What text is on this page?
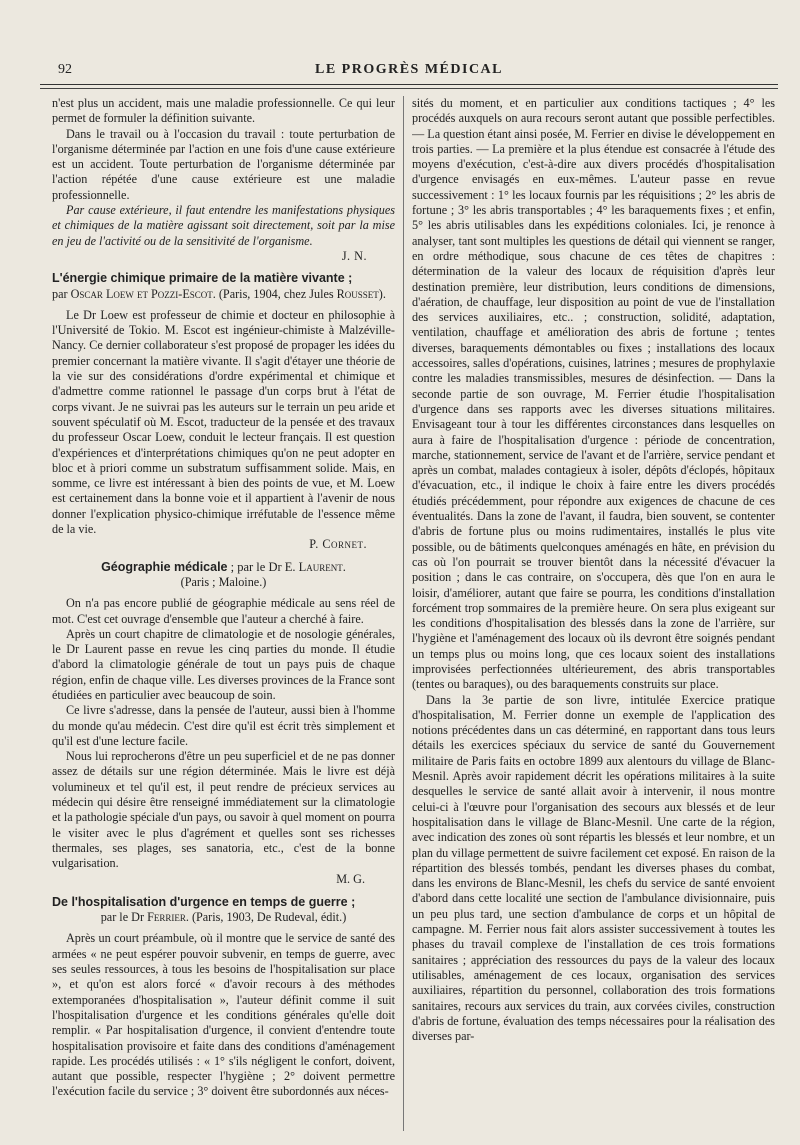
92	LE PROGRÈS MÉDICAL

n'est plus un accident, mais une maladie professionnelle. Ce qui leur permet de formuler la définition suivante.

Dans le travail ou à l'occasion du travail : toute perturbation de l'organisme déterminée par l'action en une fois d'une cause extérieure est un accident. Toute perturbation de l'organisme déterminée par l'action répétée d'une cause extérieure est une maladie professionnelle.

Par cause extérieure, il faut entendre les manifestations physiques et chimiques de la matière agissant soit directement, soit par la mise en jeu de l'activité ou de la sensitivité de l'organisme.

J. N.
L'énergie chimique primaire de la matière vivante ;
par Oscar Loew et Pozzi-Escot. (Paris, 1904, chez Jules Rousset).

Le Dr Loew est professeur de chimie et docteur en philosophie à l'Université de Tokio. M. Escot est ingénieur-chimiste à Malzéville-Nancy. Ce dernier collaborateur s'est proposé de propager les idées du premier concernant la matière vivante. Il s'agit d'étayer une théorie de la vie sur des considérations d'ordre expérimental et chimique et d'admettre comme rationnel le passage d'un corps brut à l'état de corps vivant. Je ne suivrai pas les auteurs sur le terrain un peu aride et souvent spéculatif où M. Escot, traducteur de la pensée et des travaux du professeur Oscar Loew, conduit le lecteur français. Il est question d'expériences et d'interprétations chimiques qu'on ne peut adopter en bloc et à priori comme un substratum suffisamment solide. Mais, en somme, ce livre est intéressant à bien des points de vue, et M. Loew est certainement dans la bonne voie et il appartient à l'avenir de nous donner l'explication physico-chimique irréfutable de l'essence même de la vie.

P. Cornet.
Géographie médicale ; par le Dr E. Laurent.
(Paris ; Maloine.)

On n'a pas encore publié de géographie médicale au sens réel de mot. C'est cet ouvrage d'ensemble que l'auteur a cherché à faire.

Après un court chapitre de climatologie et de nosologie générales, le Dr Laurent passe en revue les cinq parties du monde. Il étudie d'abord la climatologie générale de tout un pays puis de chaque région, enfin de chaque ville. Les diverses provinces de la France sont étudiées en particulier avec beaucoup de soin.

Ce livre s'adresse, dans la pensée de l'auteur, aussi bien à l'homme du monde qu'au médecin. C'est dire qu'il est écrit très simplement et qu'il est d'une lecture facile.

Nous lui reprocherons d'être un peu superficiel et de ne pas donner assez de détails sur une région déterminée. Mais le livre est déjà volumineux et tel qu'il est, il peut rendre de précieux services au médecin qui désire être renseigné immédiatement sur la climatologie et la pathologie spéciale d'un pays, ou savoir à quel moment on pourra le visiter avec le plus d'agrément et quelles sont ses richesses thermales, ses plages, ses sanatoria, etc., c'est de la bonne vulgarisation.

M. G.
De l'hospitalisation d'urgence en temps de guerre ;
par le Dr Ferrier. (Paris, 1903, De Rudeval, édit.)

Après un court préambule, où il montre que le service de santé des armées « ne peut espérer pouvoir subvenir, en temps de guerre, avec ses seules ressources, à tous les besoins de l'hospitalisation sur place », et qu'on est alors forcé « d'avoir recours à des méthodes extemporanées d'hospitalisation », l'auteur définit comme il suit l'hospitalisation d'urgence et les conditions générales qu'elle doit remplir. « Par hospitalisation d'urgence, il convient d'entendre toute hospitalisation provisoire et faite dans des conditions d'aménagement rapide. Les procédés utilisés : « 1° s'ils négligent le confort, doivent, autant que possible, respecter l'hygiène ; 2° doivent permettre l'exécution facile du service ; 3° doivent être subordonnés aux néces-

sités du moment, et en particulier aux conditions tactiques ; 4° les procédés auxquels on aura recours seront autant que possible perfectibles. — La question étant ainsi posée, M. Ferrier en divise le développement en trois parties. — La première et la plus étendue est consacrée à l'étude des moyens d'exécution, c'est-à-dire aux divers procédés d'hospitalisation d'urgence envisagés en eux-mêmes. L'auteur passe en revue successivement : 1° les locaux fournis par les réquisitions ; 2° les abris de fortune ; 3° les abris transportables ; 4° les baraquements fixes ; et enfin, 5° les abris utilisables dans les expéditions coloniales. Ici, je renonce à analyser, tant sont multiples les questions de détail qui viennent se ranger, en ordre méthodique, sous chacune de ces têtes de chapitres : détermination de la valeur des locaux de réquisition d'après leur destination première, leur distribution, leurs conditions de dimensions, d'aération, de chauffage, leur disposition au point de vue de l'installation des services auxiliaires, etc.. ; construction, solidité, adaptation, ventilation, chauffage et amélioration des abris de fortune ; tentes diverses, baraquements démontables ou fixes ; installations des locaux accessoires, salles d'opérations, cuisines, latrines ; mesures de prophylaxie contre les maladies transmissibles, mesures de désinfection. — Dans la seconde partie de son ouvrage, M. Ferrier étudie l'hospitalisation d'urgence dans ses rapports avec les diverses situations militaires. Envisageant tour à tour les différentes circonstances dans lesquelles on aura à faire de l'hospitalisation d'urgence : période de concentration, marche, stationnement, service de l'avant et de l'arrière, service pendant et après un combat, malades contagieux à isoler, dépôts d'éclopés, hôpitaux d'évacuation, etc., il indique le choix à faire entre les divers procédés étudiés précédemment, pour répondre aux exigences de chacune de ces éventualités. Dans la zone de l'avant, il faudra, bien souvent, se contenter d'abris de fortune plus ou moins rudimentaires, installés le plus vite possible, ou de bâtiments quelconques aménagés en hâte, en prévision du cas où l'on pourrait se trouver bientôt dans la nécessité d'évacuer la position ; dans le cas contraire, on s'occupera, dès que l'on en aura le loisir, d'améliorer, autant que faire se pourra, les conditions d'installation forcément trop sommaires de la première heure. On sera plus exigeant sur les conditions d'hospitalisation des blessés dans la zone de l'arrière, sur l'hygiène et l'aménagement des locaux où ils devront être soignés pendant un temps plus ou moins long, que ces locaux soient des installations improvisées perfectionnées ultérieurement, des abris transportables (tentes ou baraques), ou des baraquements construits sur place.

Dans la 3e partie de son livre, intitulée Exercice pratique d'hospitalisation, M. Ferrier donne un exemple de l'application des notions précédentes dans un cas déterminé, en rapportant dans tous leurs détails les exercices spéciaux du service de santé du Gouvernement militaire de Paris faits en octobre 1899 aux alentours du village de Blanc-Mesnil. Après avoir rapidement décrit les opérations militaires à la suite desquelles le service de santé allait avoir à intervenir, il nous montre celui-ci à l'œuvre pour l'organisation des secours aux blessés et de leur hospitalisation dans le village de Blanc-Mesnil. Une carte de la région, avec indication des zones où sont répartis les blessés et leur nombre, et un plan du village permettent de suivre facilement cet exposé. En raison de la répartition des blessés tombés, pendant les diverses phases du combat, dans les environs de Blanc-Mesnil, les chefs du service de santé envoient d'abord dans cette localité une section de l'ambulance divisionnaire, puis un peu plus tard, une section d'ambulance de corps et un hôpital de campagne. M. Ferrier nous fait alors assister successivement à toutes les phases du travail complexe de l'installation de ces trois formations sanitaires ; appréciation des ressources du pays de la valeur des locaux utilisables, aménagement de ces locaux, organisation des services auxiliaires, répartition du personnel, collaboration des trois formations sanitaires, recours aux services du train, aux corvées civiles, construction d'abris de fortune, évaluation des temps nécessaires pour la réalisation des diverses par-
